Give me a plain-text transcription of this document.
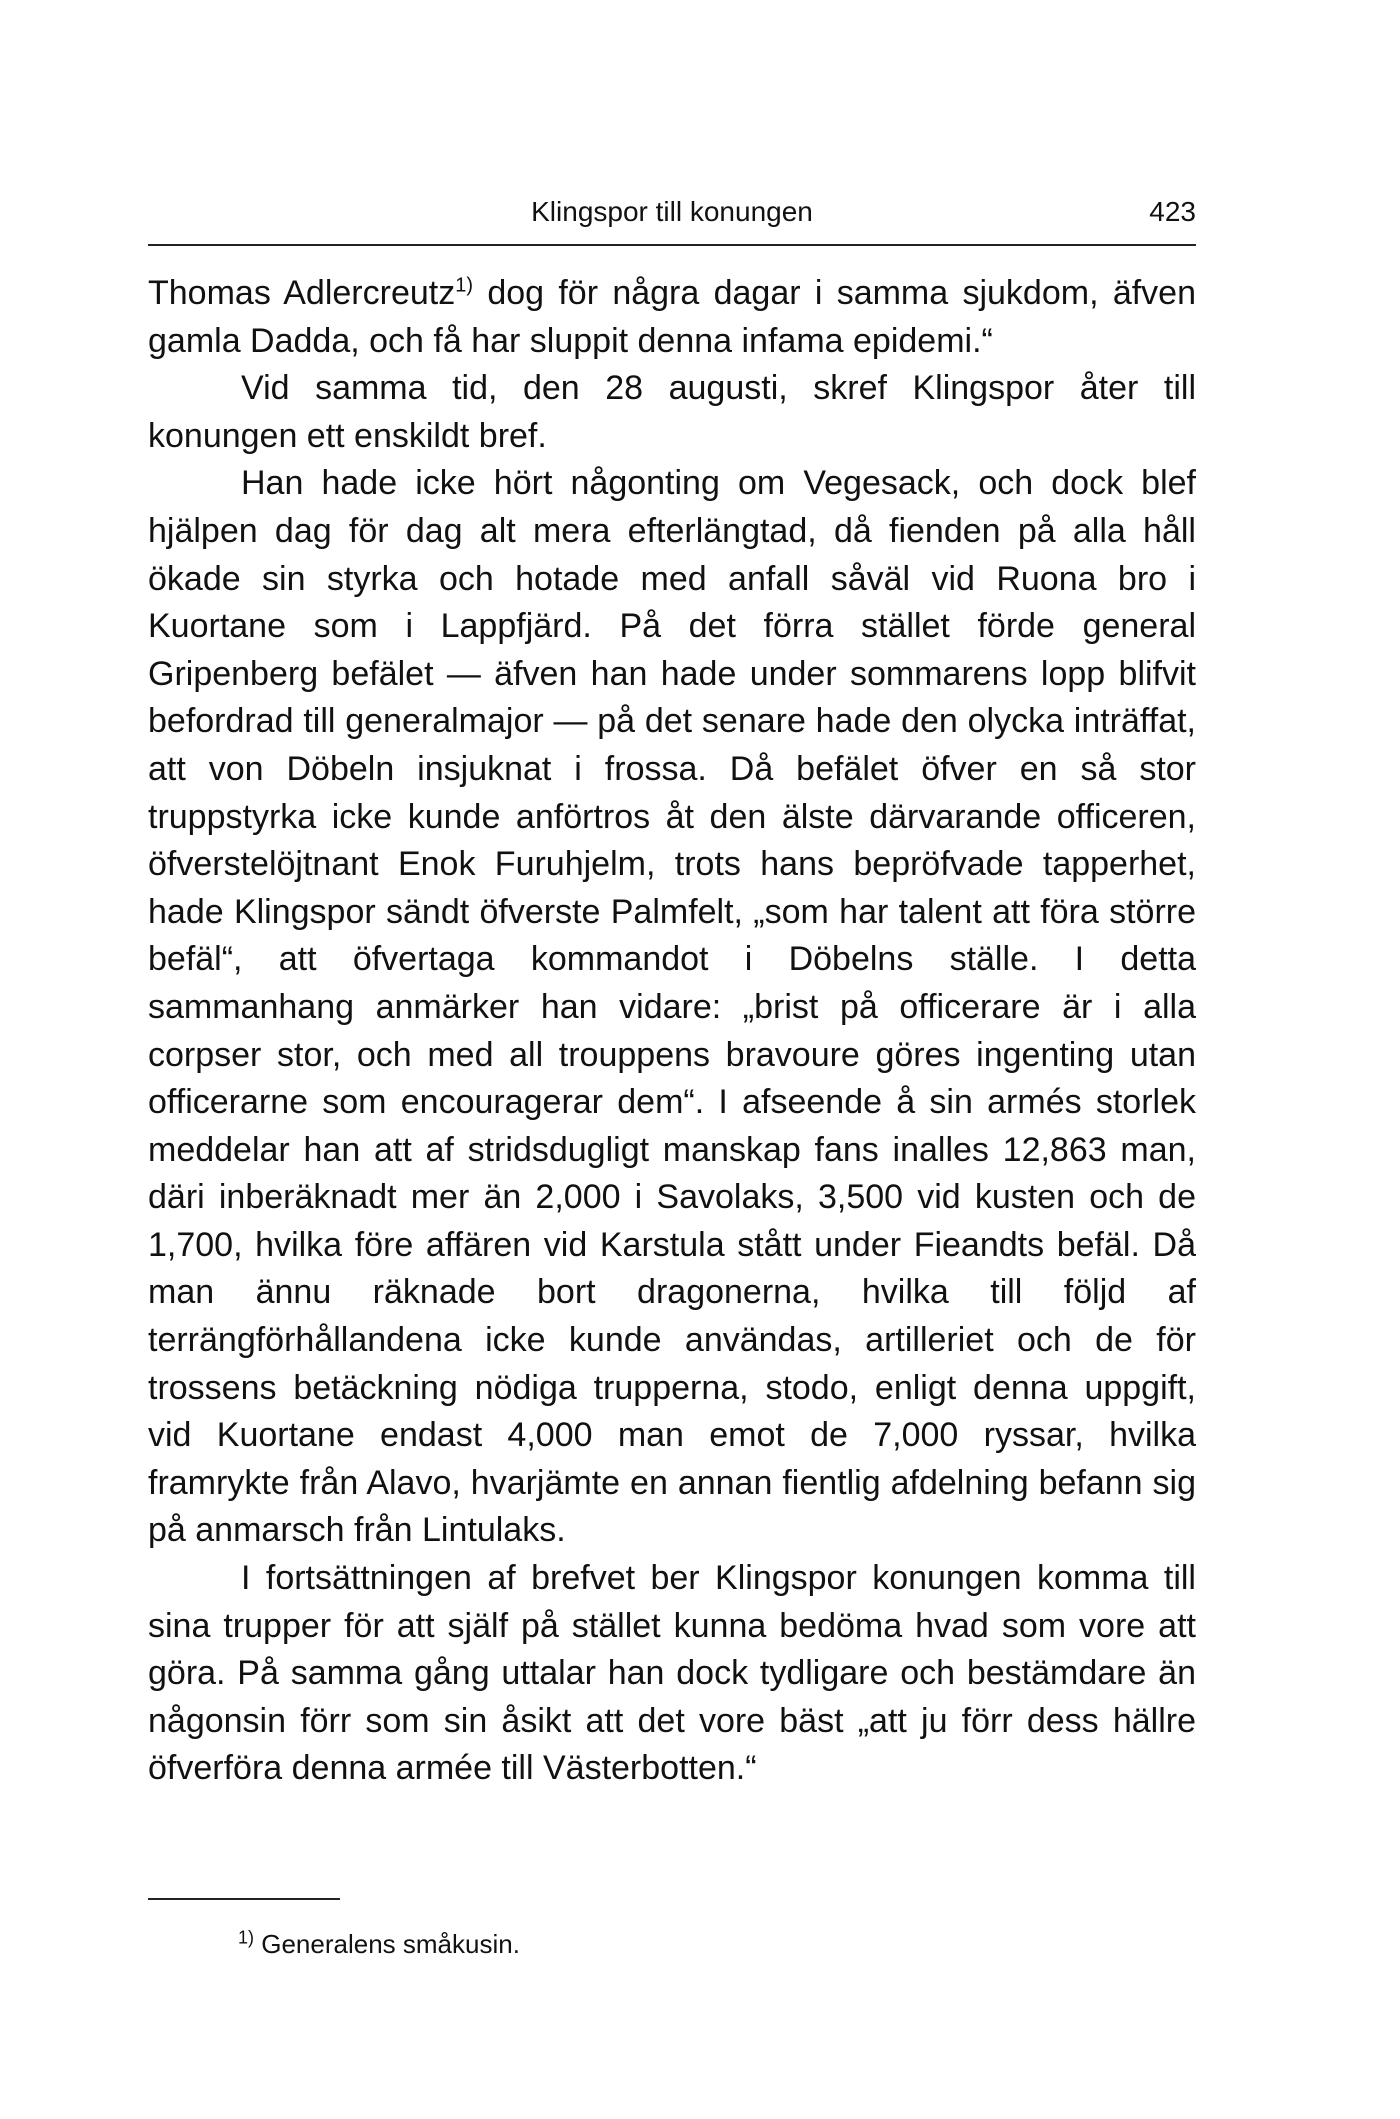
Klingspor till konungen	423

Thomas Adlercreutz$^{1)}$ dog för några dagar i samma sjukdom, äfven gamla Dadda, och få har sluppit denna infama epidemi.“

Vid samma tid, den 28 augusti, skref Klingspor åter till konungen ett enskildt bref.

Han hade icke hört någonting om Vegesack, och dock blef hjälpen dag för dag alt mera efterlängtad, då fienden på alla håll ökade sin styrka och hotade med anfall såväl vid Ruona bro i Kuortane som i Lappfjärd. På det förra stället förde general Gripenberg befälet — äfven han hade under sommarens lopp blifvit befordrad till generalmajor — på det senare hade den olycka inträffat, att von Döbeln insjuknat i frossa. Då befälet öfver en så stor truppstyrka icke kunde anförtros åt den älste därvarande officeren, öfverstelöjtnant Enok Furuhjelm, trots hans bepröfvade tapperhet, hade Klingspor sändt öfverste Palmfelt, „som har talent att föra större befäl“, att öfvertaga kommandot i Döbelns ställe. I detta sammanhang anmärker han vidare: „brist på officerare är i alla corpser stor, och med all trouppens bravoure göres ingenting utan officerarne som encouragerar dem“. I afseende å sin armés storlek meddelar han att af stridsdugligt manskap fans inalles 12,863 man, däri inberäknadt mer än 2,000 i Savolaks, 3,500 vid kusten och de 1,700, hvilka före affären vid Karstula stått under Fieandts befäl. Då man ännu räknade bort dragonerna, hvilka till följd af terrängförhållandena icke kunde användas, artilleriet och de för trossens betäckning nödiga trupperna, stodo, enligt denna uppgift, vid Kuortane endast 4,000 man emot de 7,000 ryssar, hvilka framrykte från Alavo, hvarjämte en annan fientlig afdelning befann sig på anmarsch från Lintulaks.

I fortsättningen af brefvet ber Klingspor konungen komma till sina trupper för att själf på stället kunna bedöma hvad som vore att göra. På samma gång uttalar han dock tydligare och bestämdare än någonsin förr som sin åsikt att det vore bäst „att ju förr dess hällre öfverföra denna armée till Västerbotten.“

$^{1)}$ Generalens småkusin.
